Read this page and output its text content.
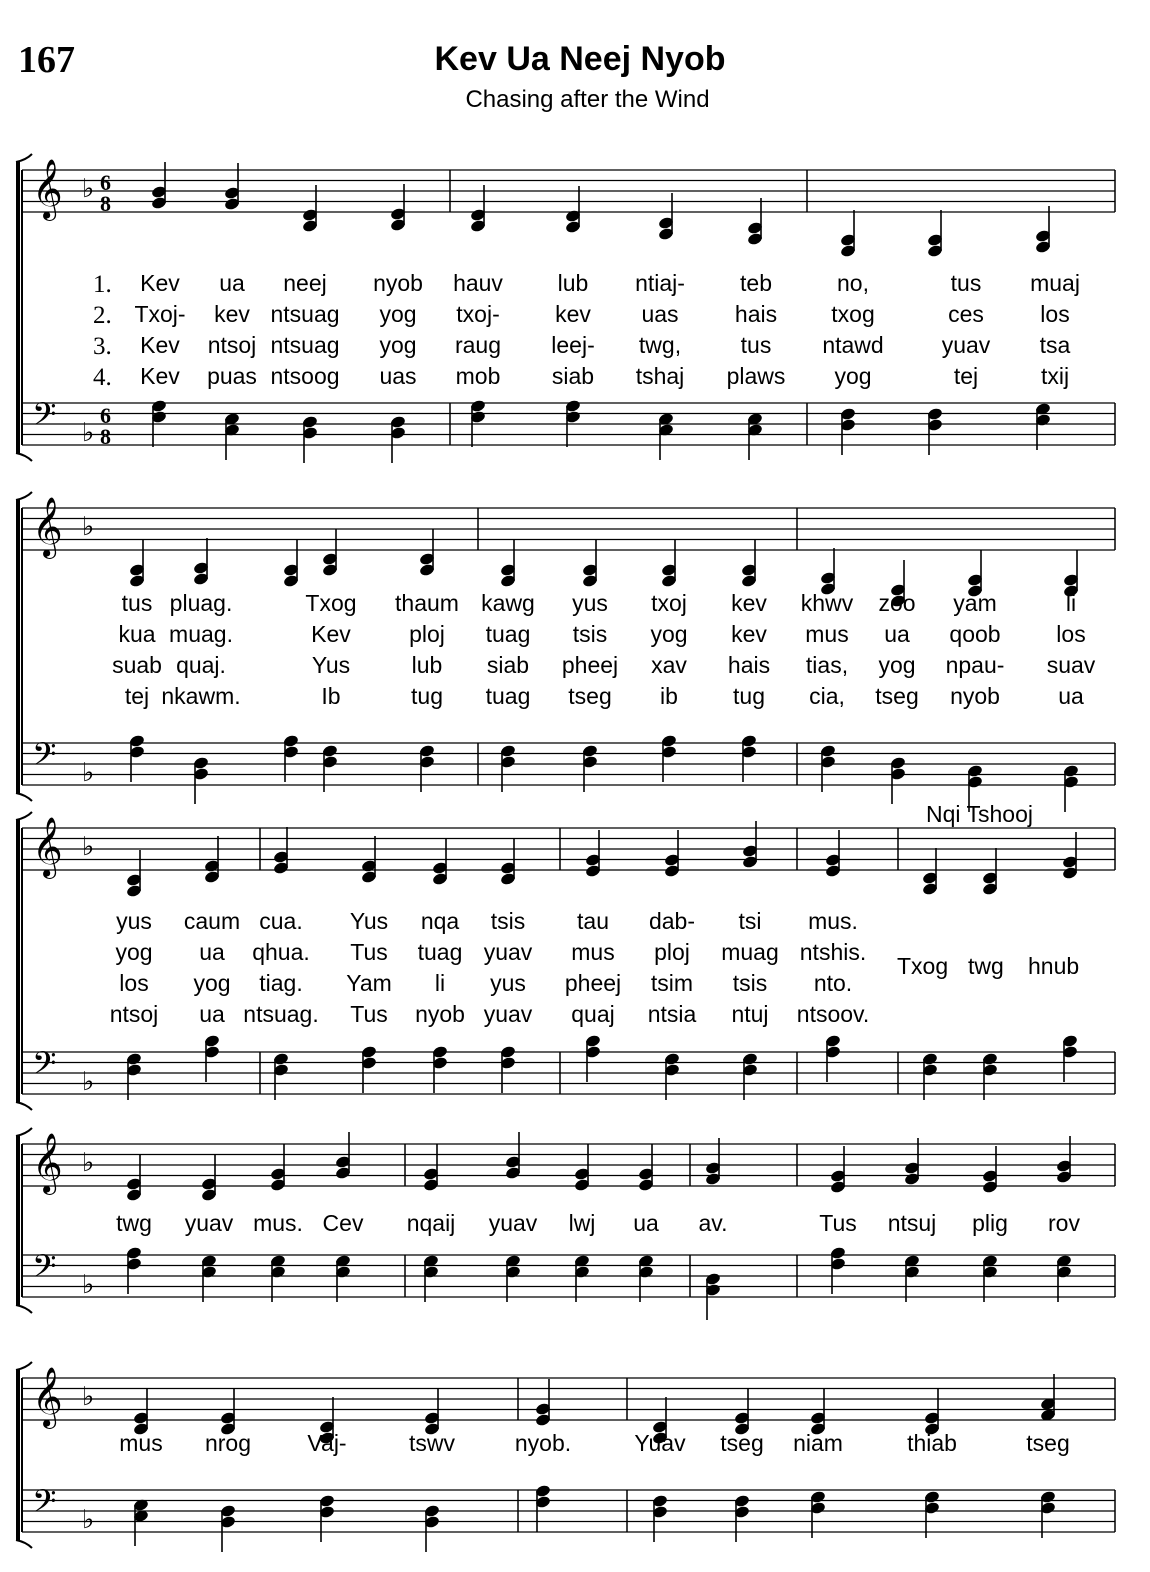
167	Kev Ua Neej Nyob
Chasing after the Wind
𝄞 ♭ 6
8
𝄢 ♭
6
8
𝄞 ♭
𝄢 ♭
𝄞 ♭
𝄢 ♭
𝄞 ♭
𝄢 ♭
𝄞 ♭
𝄢 ♭
1.
2.
3.
4.
Kev ua neej nyob hauv lub ntiaj- teb	no,	tus muaj
Txoj- kev ntsuag yog txoj- kev uas hais txog	ces los
Kev ntsoj ntsuag yog raug leej- twg,	tus ntawd	yuav tsa
Kev puas ntsoog uas mob siab tshaj plaws yog	tej	txij
tus pluag.	Txog thaum kawg yus txoj kev khwv zoo yam	li
kua muag.	Kev	ploj tuag tsis yog kev mus ua qoob los
suab quaj.	Yus	lub siab pheej xav hais tias, yog npau- suav
tej nkawm.	Ib	tug tuag tseg ib tug cia, tseg nyob	ua
yus caum cua. Yus nqa tsis tau dab- tsi mus.
yog ua qhua. Tus tuag yuav mus ploj muag ntshis.
los yog tiag. Yam li yus pheej tsim tsis nto.
ntsoj ua ntsuag. Tus nyob yuav quaj ntsia ntuj ntsoov.
twg yuav mus. Cev nqaij yuav lwj ua av.	Tus ntsuj plig rov
mus nrog Vaj-	tswv	nyob.	Yuav tseg niam	thiab	tseg
Nqi Tshooj
Txog twg hnub
